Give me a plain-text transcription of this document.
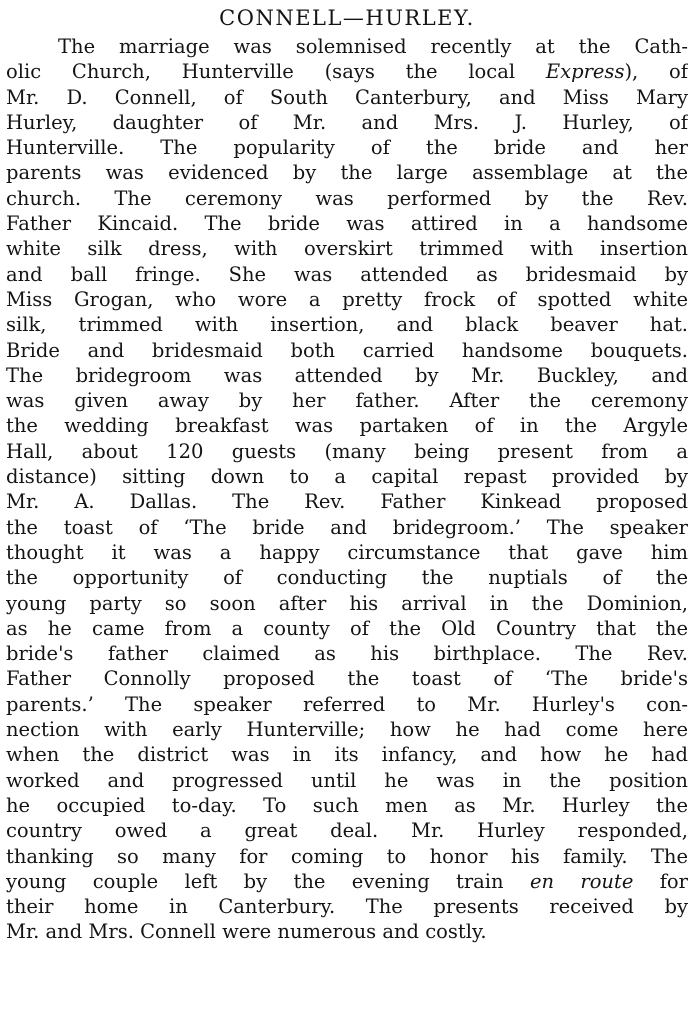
CONNELL—HURLEY.
The marriage was solemnised recently at the Cath-
olic Church, Hunterville (says the local Express), of
Mr. D. Connell, of South Canterbury, and Miss Mary
Hurley, daughter of Mr. and Mrs. J. Hurley, of
Hunterville. The popularity of the bride and her
parents was evidenced by the large assemblage at the
church. The ceremony was performed by the Rev.
Father Kincaid. The bride was attired in a handsome
white silk dress, with overskirt trimmed with insertion
and ball fringe. She was attended as bridesmaid by
Miss Grogan, who wore a pretty frock of spotted white
silk, trimmed with insertion, and black beaver hat.
Bride and bridesmaid both carried handsome bouquets.
The bridegroom was attended by Mr. Buckley, and
was given away by her father. After the ceremony
the wedding breakfast was partaken of in the Argyle
Hall, about 120 guests (many being present from a
distance) sitting down to a capital repast provided by
Mr. A. Dallas. The Rev. Father Kinkead proposed
the toast of ‘The bride and bridegroom.’ The speaker
thought it was a happy circumstance that gave him
the opportunity of conducting the nuptials of the
young party so soon after his arrival in the Dominion,
as he came from a county of the Old Country that the
bride's father claimed as his birthplace. The Rev.
Father Connolly proposed the toast of ‘The bride's
parents.’ The speaker referred to Mr. Hurley's con-
nection with early Hunterville; how he had come here
when the district was in its infancy, and how he had
worked and progressed until he was in the position
he occupied to-day. To such men as Mr. Hurley the
country owed a great deal. Mr. Hurley responded,
thanking so many for coming to honor his family. The
young couple left by the evening train en route for
their home in Canterbury. The presents received by
Mr. and Mrs. Connell were numerous and costly.
